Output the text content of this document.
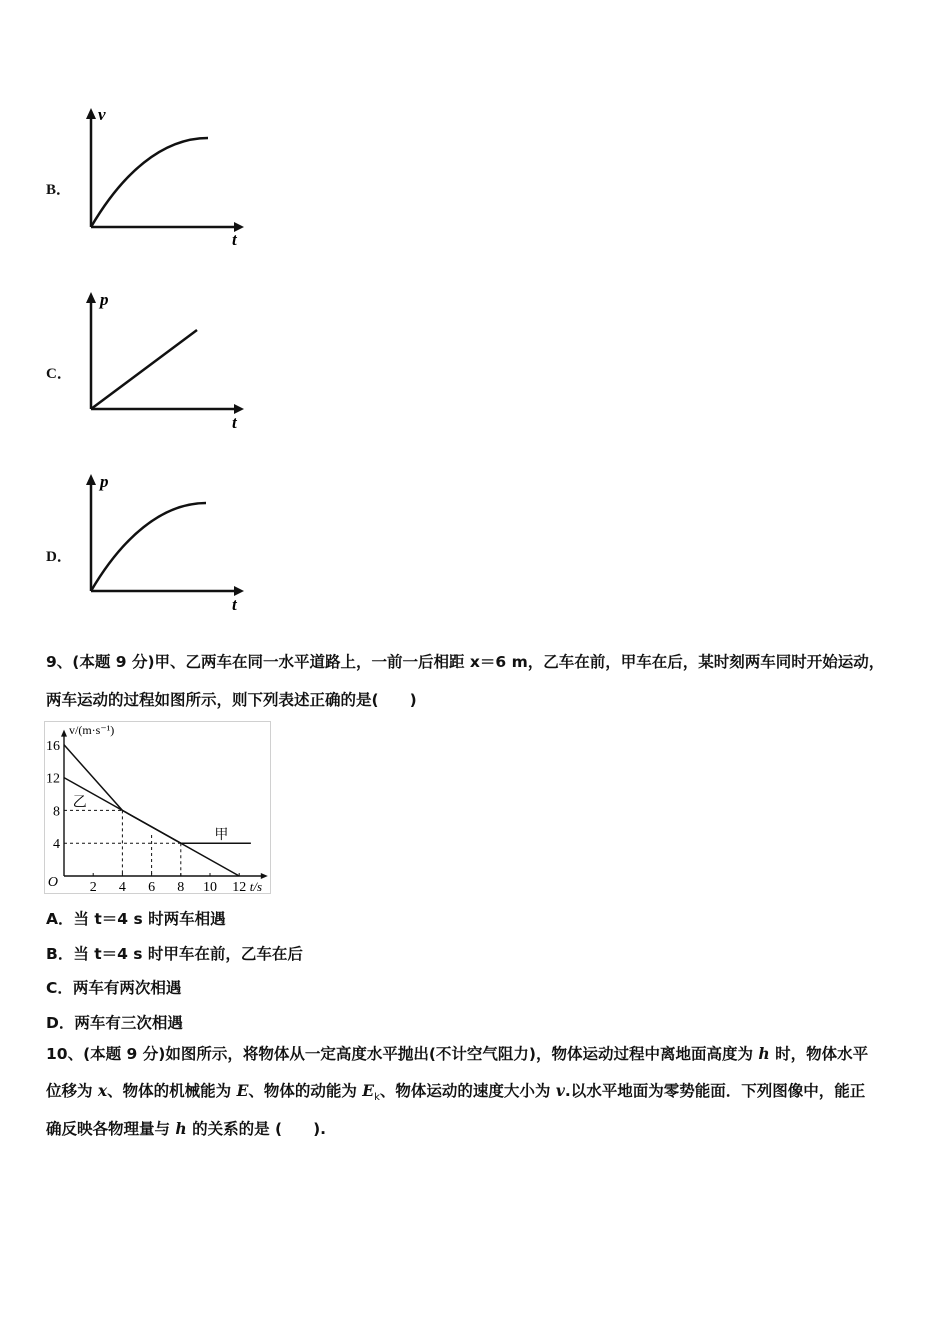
B．
v
t
C．
p
t
D．
p
t
9、(本题 9 分)甲、乙两车在同一水平道路上，一前一后相距 x＝6 m，乙车在前，甲车在后，某时刻两车同时开始运动，
两车运动的过程如图所示，则下列表述正确的是(　　)
甲
乙
2 4 6 8 10 12
16
12
8
4
O
v/(m·s⁻¹)
t/s
A．当 t＝4 s 时两车相遇
B．当 t＝4 s 时甲车在前，乙车在后
C．两车有两次相遇
D．两车有三次相遇
10、(本题 9 分)如图所示，将物体从一定高度水平抛出(不计空气阻力)，物体运动过程中离地面高度为 h 时，物体水平
位移为 x、物体的机械能为 E、物体的动能为 $E_k$、物体运动的速度大小为 v.以水平地面为零势能面．下列图像中，能正
确反映各物理量与 h 的关系的是 (　　).
